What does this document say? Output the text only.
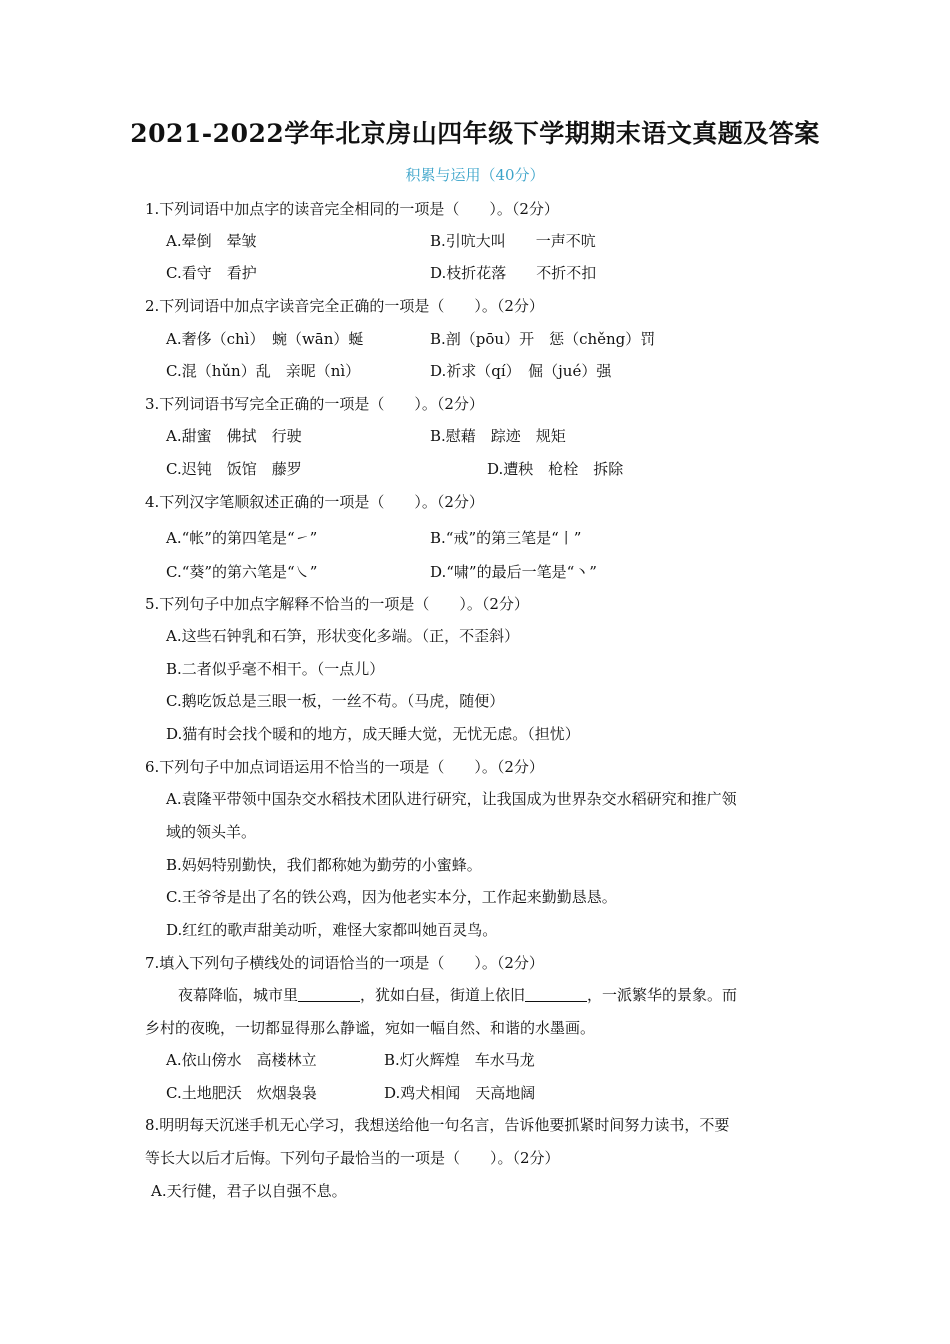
2021-2022学年北京房山四年级下学期期末语文真题及答案
积累与运用（40分）
1.下列词语中加点字的读音完全相同的一项是（　　）。（2分）
A.晕倒　晕皱	B.引吭大叫　　一声不吭
C.看守　看护	D.枝折花落　　不折不扣
2.下列词语中加点字读音完全正确的一项是（　　）。（2分）
A.奢侈（chì）　蜿（wān）蜒	B.剖（pōu）开　惩（chěng）罚
C.混（hǔn）乱　亲昵（nì）	D.祈求（qí）　倔（jué）强
3.下列词语书写完全正确的一项是（　　）。（2分）
A.甜蜜　佛拭　行驶	B.慰藉　踪迹　规矩
C.迟钝　饭馆　藤罗	D.遭秧　枪栓　拆除
4.下列汉字笔顺叙述正确的一项是（　　）。（2分）
A.“帐”的第四笔是“㇀”	B.“戒”的第三笔是“丨”
C.“葵”的第六笔是“㇏”	D.“啸”的最后一笔是“丶”
5.下列句子中加点字解释不恰当的一项是（　　）。（2分）
A.这些石钟乳和石笋，形状变化多端。（正，不歪斜）
B.二者似乎毫不相干。（一点儿）
C.鹅吃饭总是三眼一板，一丝不苟。（马虎，随便）
D.猫有时会找个暖和的地方，成天睡大觉，无忧无虑。（担忧）
6.下列句子中加点词语运用不恰当的一项是（　　）。（2分）
A.袁隆平带领中国杂交水稻技术团队进行研究，让我国成为世界杂交水稻研究和推广领
域的领头羊。
B.妈妈特别勤快，我们都称她为勤劳的小蜜蜂。
C.王爷爷是出了名的铁公鸡，因为他老实本分，工作起来勤勤恳恳。
D.红红的歌声甜美动听，难怪大家都叫她百灵鸟。
7.填入下列句子横线处的词语恰当的一项是（　　）。（2分）
夜幕降临，城市里	，犹如白昼，街道上依旧	，一派繁华的景象。而
乡村的夜晚，一切都显得那么静谧，宛如一幅自然、和谐的水墨画。
A.依山傍水　高楼林立	B.灯火辉煌　车水马龙
C.土地肥沃　炊烟袅袅	D.鸡犬相闻　天高地阔
8.明明每天沉迷手机无心学习，我想送给他一句名言，告诉他要抓紧时间努力读书，不要
等长大以后才后悔。下列句子最恰当的一项是（　　）。（2分）
A.天行健，君子以自强不息。
